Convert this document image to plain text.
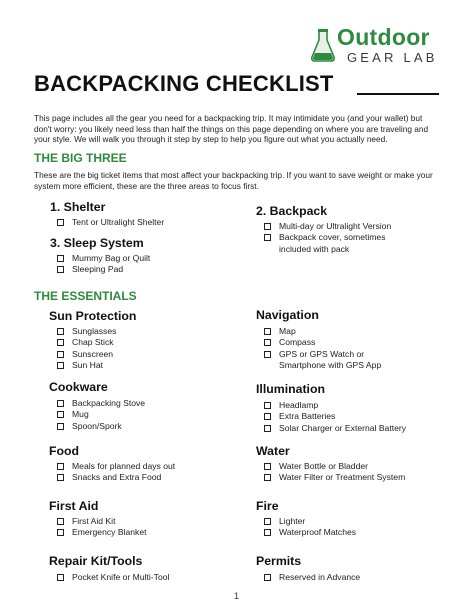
Outdoor
GEAR LAB
BACKPACKING CHECKLIST
This page includes all the gear you need for a backpacking trip. It may intimidate you (and your wallet) but don't worry: you likely need less than half the things on this page depending on where you are traveling and your style. We will walk you through it step by step to help you figure out what you actually need.
THE BIG THREE
These are the big ticket items that most affect your backpacking trip. If you want to save weight or make your system more efficient, these are the three areas to focus first.
1. Shelter
Tent or Ultralight Shelter
3. Sleep System
Mummy Bag or Quilt
Sleeping Pad
2. Backpack
Multi-day or Ultralight Version
Backpack cover, sometimes
included with pack
THE ESSENTIALS
Sun Protection
Sunglasses
Chap Stick
Sunscreen
Sun Hat
Cookware
Backpacking Stove
Mug
Spoon/Spork
Food
Meals for planned days out
Snacks and Extra Food
First Aid
First Aid Kit
Emergency Blanket
Repair Kit/Tools
Pocket Knife or Multi-Tool
Navigation
Map
Compass
GPS or GPS Watch or
Smartphone with GPS App
Illumination
Headlamp
Extra Batteries
Solar Charger or External Battery
Water
Water Bottle or Bladder
Water Filter or Treatment System
Fire
Lighter
Waterproof Matches
Permits
Reserved in Advance
1
